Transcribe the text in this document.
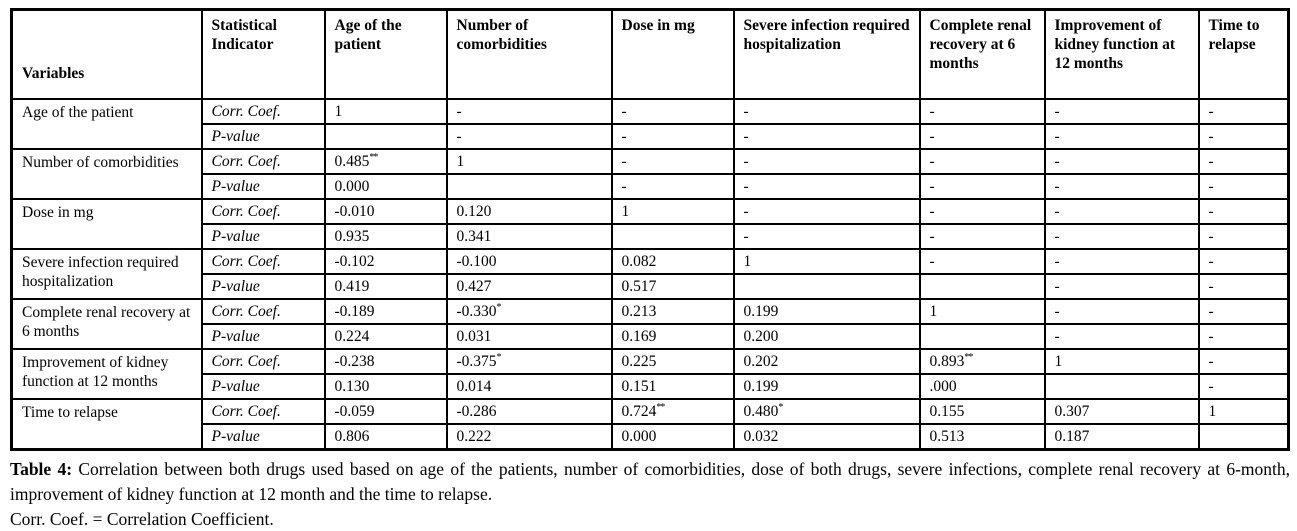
Variables	Statistical Indicator	Age of the patient	Number of comorbidities	Dose in mg	Severe infection required hospitalization	Complete renal recovery at 6 months	Improvement of kidney function at 12 months	Time to relapse
Age of the patient	Corr. Coef.	1	-	-	-	-	-	-
	P-value		-	-	-	-	-	-
Number of comorbidities	Corr. Coef.	0.485**	1	-	-	-	-	-
	P-value	0.000		-	-	-	-	-
Dose in mg	Corr. Coef.	-0.010	0.120	1	-	-	-	-
	P-value	0.935	0.341		-	-	-	-
Severe infection required hospitalization	Corr. Coef.	-0.102	-0.100	0.082	1	-	-	-
	P-value	0.419	0.427	0.517			-	-
Complete renal recovery at 6 months	Corr. Coef.	-0.189	-0.330*	0.213	0.199	1	-	-
	P-value	0.224	0.031	0.169	0.200		-	-
Improvement of kidney function at 12 months	Corr. Coef.	-0.238	-0.375*	0.225	0.202	0.893**	1	-
	P-value	0.130	0.014	0.151	0.199	.000		-
Time to relapse	Corr. Coef.	-0.059	-0.286	0.724**	0.480*	0.155	0.307	1
	P-value	0.806	0.222	0.000	0.032	0.513	0.187	

Table 4: Correlation between both drugs used based on age of the patients, number of comorbidities, dose of both drugs, severe infections, complete renal recovery at 6-month, improvement of kidney function at 12 month and the time to relapse.

Corr. Coef. = Correlation Coefficient.
